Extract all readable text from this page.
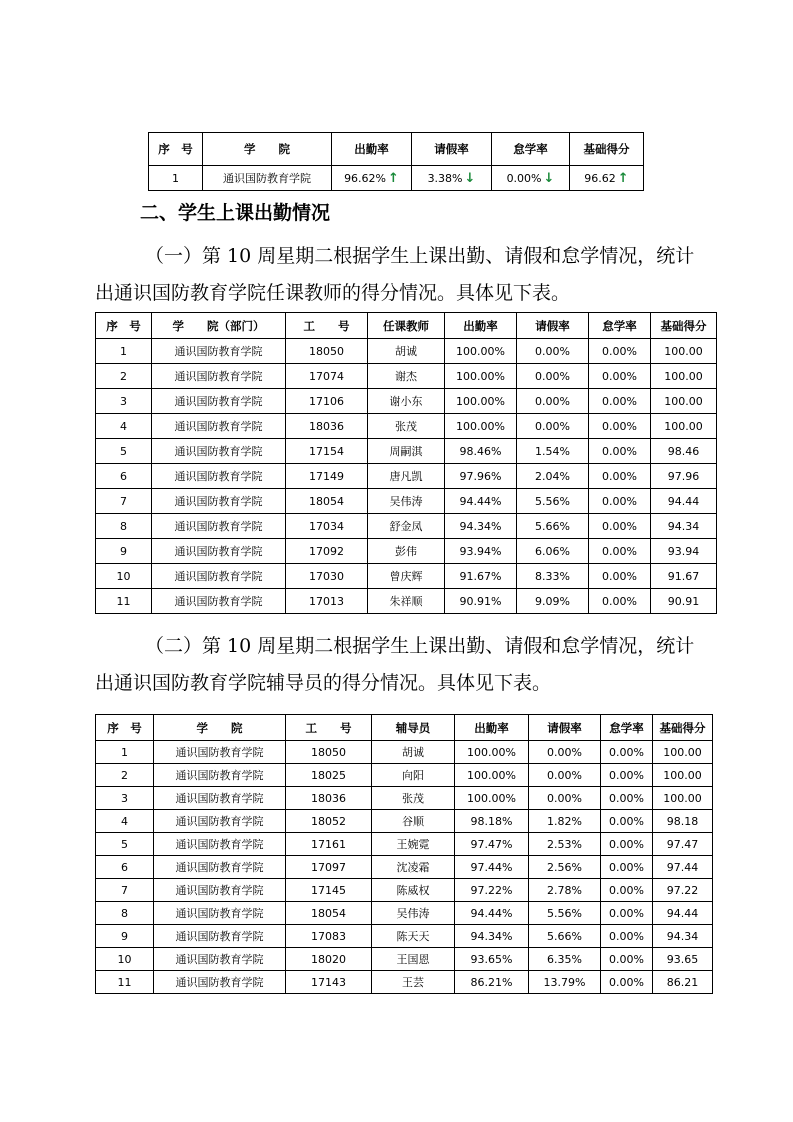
序　号	学　　院	出勤率	请假率	怠学率	基础得分
1	通识国防教育学院	96.62% ↑	3.38% ↓	0.00% ↓	96.62 ↑
二、学生上课出勤情况
（一）第 10 周星期二根据学生上课出勤、请假和怠学情况，统计出通识国防教育学院任课教师的得分情况。具体见下表。
序　号	学　　院（部门）	工　　号	任课教师	出勤率	请假率	怠学率	基础得分
1	通识国防教育学院	18050	胡诚	100.00%	0.00%	0.00%	100.00
2	通识国防教育学院	17074	谢杰	100.00%	0.00%	0.00%	100.00
3	通识国防教育学院	17106	谢小东	100.00%	0.00%	0.00%	100.00
4	通识国防教育学院	18036	张茂	100.00%	0.00%	0.00%	100.00
5	通识国防教育学院	17154	周嗣淇	98.46%	1.54%	0.00%	98.46
6	通识国防教育学院	17149	唐凡凯	97.96%	2.04%	0.00%	97.96
7	通识国防教育学院	18054	吴伟涛	94.44%	5.56%	0.00%	94.44
8	通识国防教育学院	17034	舒金凤	94.34%	5.66%	0.00%	94.34
9	通识国防教育学院	17092	彭伟	93.94%	6.06%	0.00%	93.94
10	通识国防教育学院	17030	曾庆辉	91.67%	8.33%	0.00%	91.67
11	通识国防教育学院	17013	朱祥顺	90.91%	9.09%	0.00%	90.91
（二）第 10 周星期二根据学生上课出勤、请假和怠学情况，统计出通识国防教育学院辅导员的得分情况。具体见下表。
序　号	学　　院	工　　号	辅导员	出勤率	请假率	怠学率	基础得分
1	通识国防教育学院	18050	胡诚	100.00%	0.00%	0.00%	100.00
2	通识国防教育学院	18025	向阳	100.00%	0.00%	0.00%	100.00
3	通识国防教育学院	18036	张茂	100.00%	0.00%	0.00%	100.00
4	通识国防教育学院	18052	谷顺	98.18%	1.82%	0.00%	98.18
5	通识国防教育学院	17161	王婉霓	97.47%	2.53%	0.00%	97.47
6	通识国防教育学院	17097	沈凌霜	97.44%	2.56%	0.00%	97.44
7	通识国防教育学院	17145	陈威权	97.22%	2.78%	0.00%	97.22
8	通识国防教育学院	18054	吴伟涛	94.44%	5.56%	0.00%	94.44
9	通识国防教育学院	17083	陈天天	94.34%	5.66%	0.00%	94.34
10	通识国防教育学院	18020	王国恩	93.65%	6.35%	0.00%	93.65
11	通识国防教育学院	17143	王芸	86.21%	13.79%	0.00%	86.21
